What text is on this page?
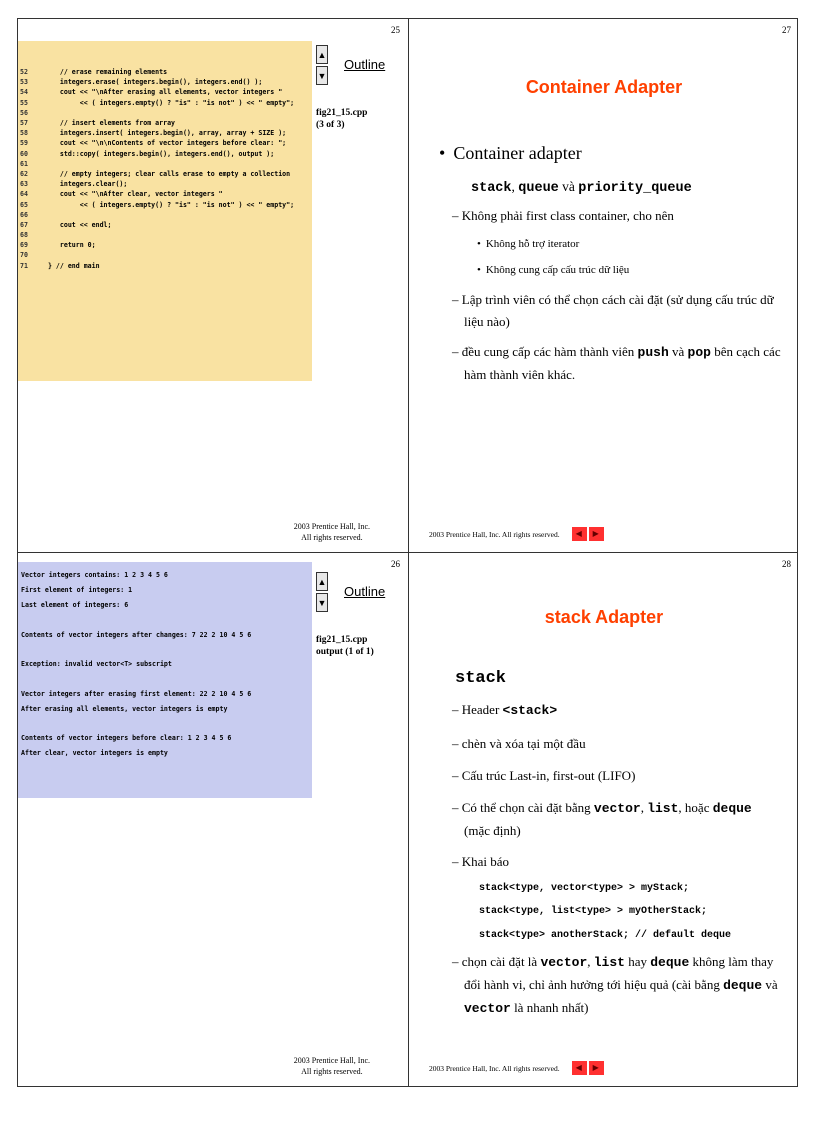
52	// erase remaining elements
53	integers.erase( integers.begin(), integers.end() );
54	cout << "\nAfter erasing all elements, vector integers "
55	<< ( integers.empty() ? "is" : "is not" ) << " empty";
56
57	// insert elements from array
58	integers.insert( integers.begin(), array, array + SIZE );
59	cout << "\n\nContents of vector integers before clear: ";
60	std::copy( integers.begin(), integers.end(), output );
61
62	// empty integers; clear calls erase to empty a collection
63	integers.clear();
64	cout << "\nAfter clear, vector integers "
65	<< ( integers.empty() ? "is" : "is not" ) << " empty";
66
67	cout << endl;
68
69	return 0;
70
71	} // end main
▲
▼
Outline
fig21_15.cpp
(3 of 3)
25
2003 Prentice Hall, Inc.
All rights reserved.
Vector integers contains: 1 2 3 4 5 6
First element of integers: 1
Last element of integers: 6
Contents of vector integers after changes: 7 22 2 10 4 5 6
Exception: invalid vector<T> subscript
Vector integers after erasing first element: 22 2 10 4 5 6
After erasing all elements, vector integers is empty
Contents of vector integers before clear: 1 2 3 4 5 6
After clear, vector integers is empty
▲
▼
Outline
fig21_15.cpp
output (1 of 1)
26
2003 Prentice Hall, Inc.
All rights reserved.
27
Container Adapter
• Container adapter
stack, queue và priority_queue
– Không phải first class container, cho nên
• Không hỗ trợ iterator
• Không cung cấp cấu trúc dữ liệu
– Lập trình viên có thể chọn cách cài đặt (sử dụng cấu trúc dữ liệu nào)
– đều cung cấp các hàm thành viên push và pop bên cạch các hàm thành viên khác.
2003 Prentice Hall, Inc. All rights reserved. ◀ ▶
28
stack Adapter
stack
– Header <stack>
– chèn và xóa tại một đầu
– Cấu trúc Last-in, first-out (LIFO)
– Có thể chọn cài đặt bằng vector, list, hoặc deque
(mặc định)
– Khai báo
stack<type, vector<type> > myStack;
stack<type, list<type> > myOtherStack;
stack<type> anotherStack; // default deque
– chọn cài đặt là vector, list hay deque không làm thay đổi hành vi, chỉ ảnh hưởng tới hiệu quả (cài bằng deque và vector là nhanh nhất)
2003 Prentice Hall, Inc. All rights reserved. ◀ ▶
